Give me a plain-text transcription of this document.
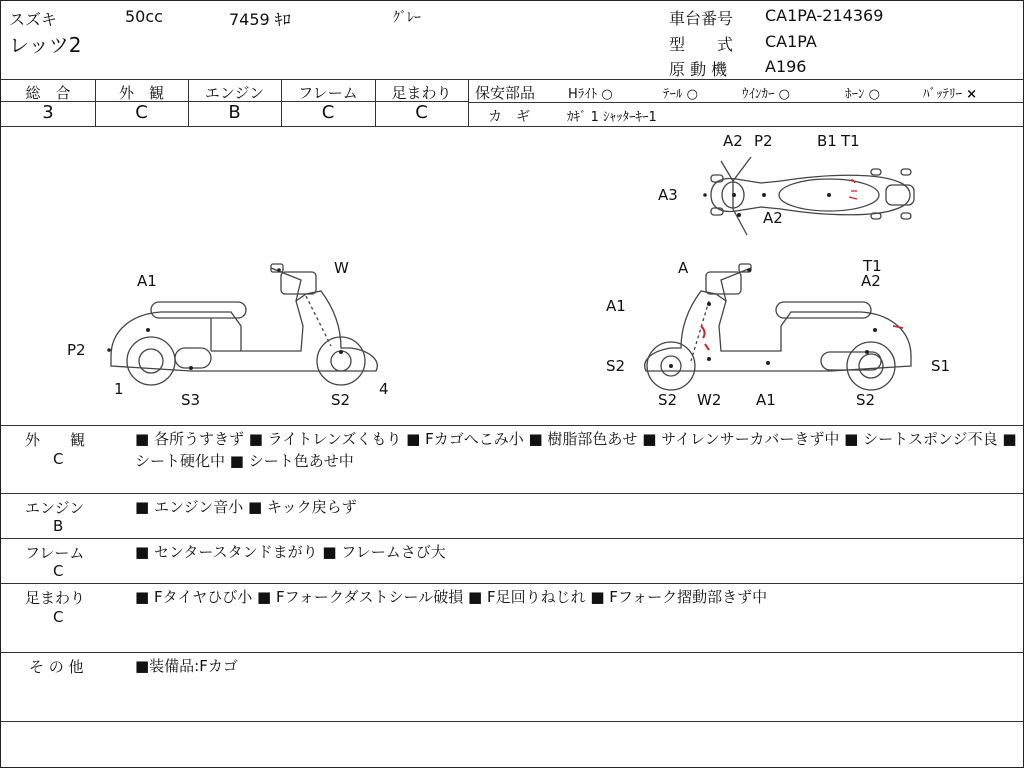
スズキ	50cc	7459 ｷﾛ	ｸﾞﾚｰ
レッツ2
車台番号 CA1PA-214369
型　　式 CA1PA
原 動 機 A196
総　合	外　観	エンジン	フレーム	足まわり
3	C	B	C	C
保安部品	Hﾗｲﾄ ○	ﾃｰﾙ ○	ｳｲﾝｶｰ ○	ﾎｰﾝ ○	ﾊﾞｯﾃﾘｰ ×
カ　ギ	ｶｷﾞ 1 ｼｬｯﾀｰｷｰ1
A2 P2	B1 T1
A3
A2
A1
W
P2
1
S3	S2
4
A	T1
A2
A1
S2	S1
S2 W2 A1	S2
外　　観
C
■ 各所うすきず ■ ライトレンズくもり ■ Fカゴへこみ小 ■ 樹脂部色あせ ■ サイレンサーカバーきず中 ■ シートスポンジ不良 ■ シート硬化中 ■ シート色あせ中
エンジン
B
■ エンジン音小 ■ キック戻らず
フレーム
C
■ センタースタンドまがり ■ フレームさび大
足まわり
C
■ Fタイヤひび小 ■ Fフォークダストシール破損 ■ F足回りねじれ ■ Fフォーク摺動部きず中
そ の 他	■装備品:Fカゴ
